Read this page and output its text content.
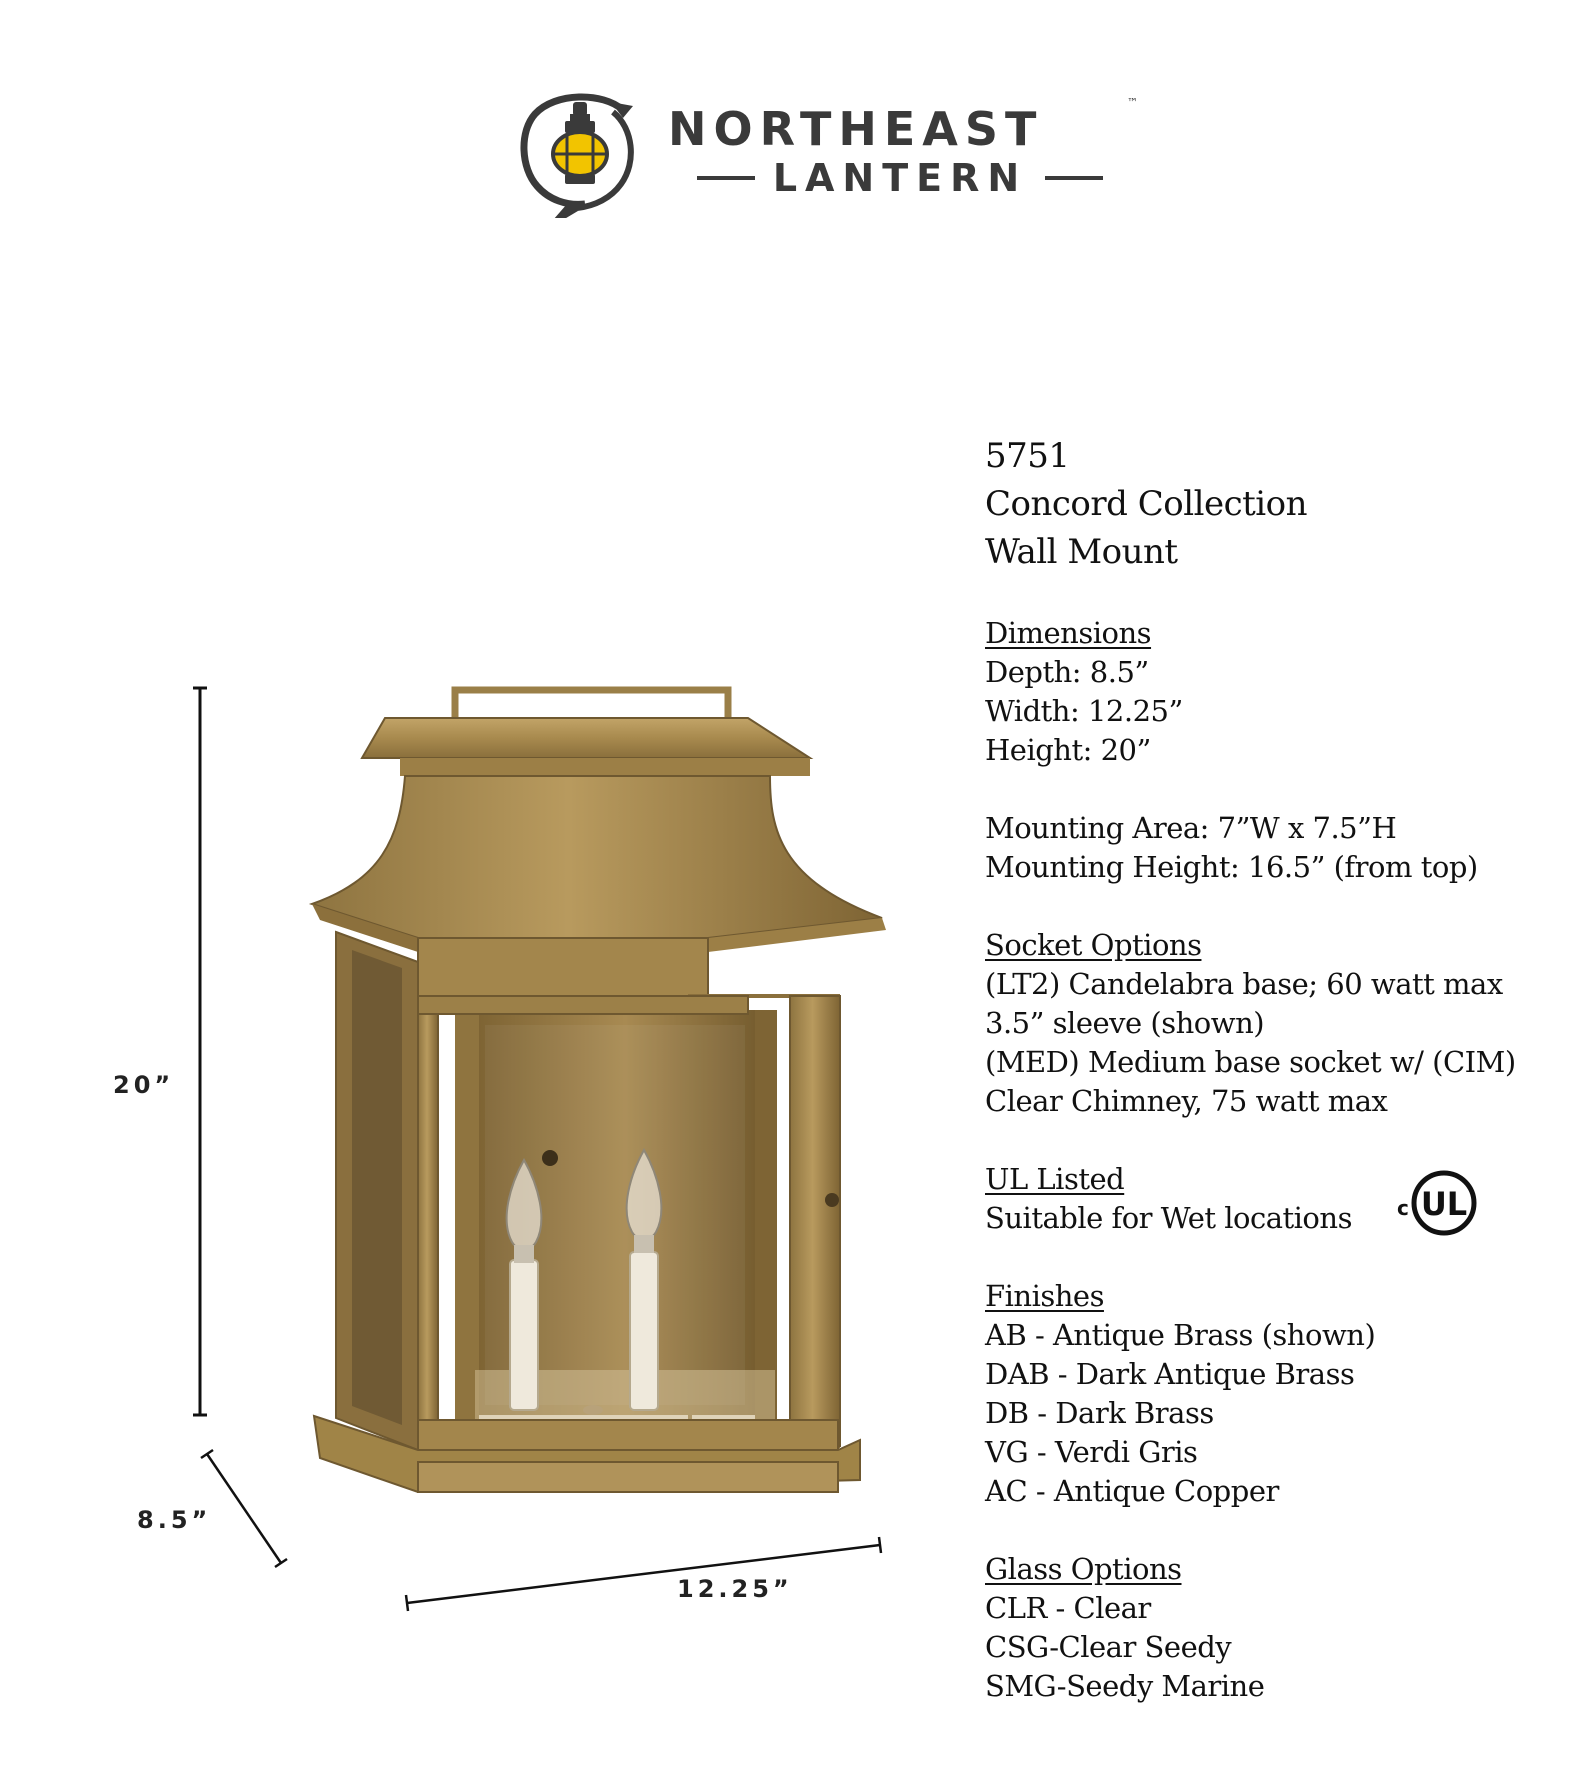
NORTHEAST	™
LANTERN
20”
8.5”
12.25”

5751

Concord Collection

Wall Mount

Dimensions

Depth: 8.5”

Width: 12.25”

Height: 20”

Mounting Area: 7”W x 7.5”H

Mounting Height: 16.5” (from top)

Socket Options

(LT2) Candelabra base; 60 watt max

3.5” sleeve (shown)

(MED) Medium base socket w/ (CIM)

Clear Chimney, 75 watt max

UL Listed

Suitable for Wet locations

Finishes

AB - Antique Brass (shown)

DAB - Dark Antique Brass

DB - Dark Brass

VG - Verdi Gris

AC - Antique Copper

Glass Options

CLR - Clear

CSG-Clear Seedy

SMG-Seedy Marine

c UL
